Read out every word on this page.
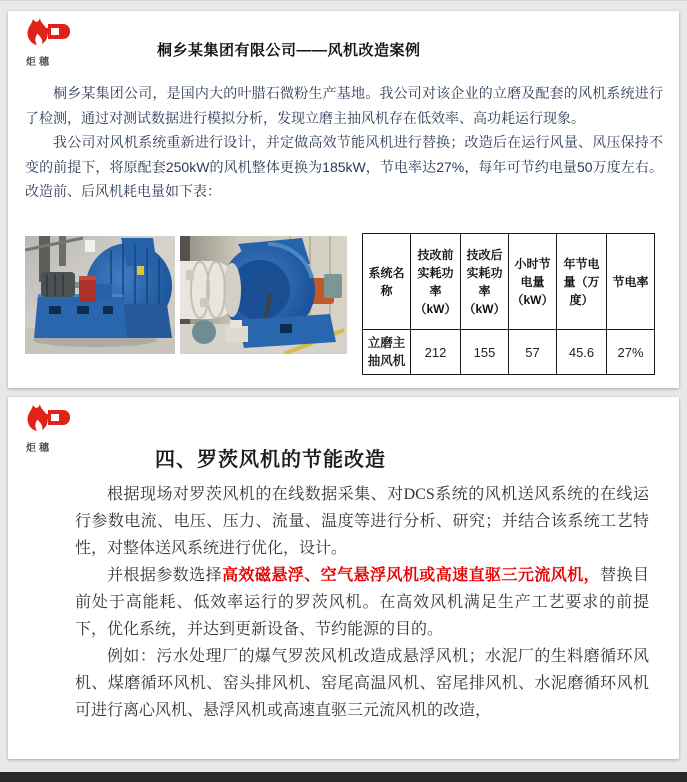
炬穗
桐乡某集团有限公司——风机改造案例

桐乡某集团公司，是国内大的叶腊石微粉生产基地。我公司对该企业的立磨及配套的风机系统进行了检测，通过对测试数据进行模拟分析，发现立磨主抽风机存在低效率、高功耗运行现象。

我公司对风机系统重新进行设计，并定做高效节能风机进行替换；改造后在运行风量、风压保持不变的前提下，将原配套250kW的风机整体更换为185kW，节电率达27%，每年可节约电量50万度左右。改造前、后风机耗电量如下表：

系统名称	技改前实耗功率（kW）	技改后实耗功率（kW）	小时节电量（kW）	年节电量（万度）	节电率
立磨主抽风机	212	155	57	45.6	27%
炬穗
四、罗茨风机的节能改造

根据现场对罗茨风机的在线数据采集、对DCS系统的风机送风系统的在线运行参数电流、电压、压力、流量、温度等进行分析、研究；并结合该系统工艺特性，对整体送风系统进行优化，设计。

并根据参数选择高效磁悬浮、空气悬浮风机或高速直驱三元流风机，替换目前处于高能耗、低效率运行的罗茨风机。在高效风机满足生产工艺要求的前提下，优化系统，并达到更新设备、节约能源的目的。

例如：污水处理厂的爆气罗茨风机改造成悬浮风机；水泥厂的生料磨循环风机、煤磨循环风机、窑头排风机、窑尾高温风机、窑尾排风机、水泥磨循环风机可进行离心风机、悬浮风机或高速直驱三元流风机的改造，
